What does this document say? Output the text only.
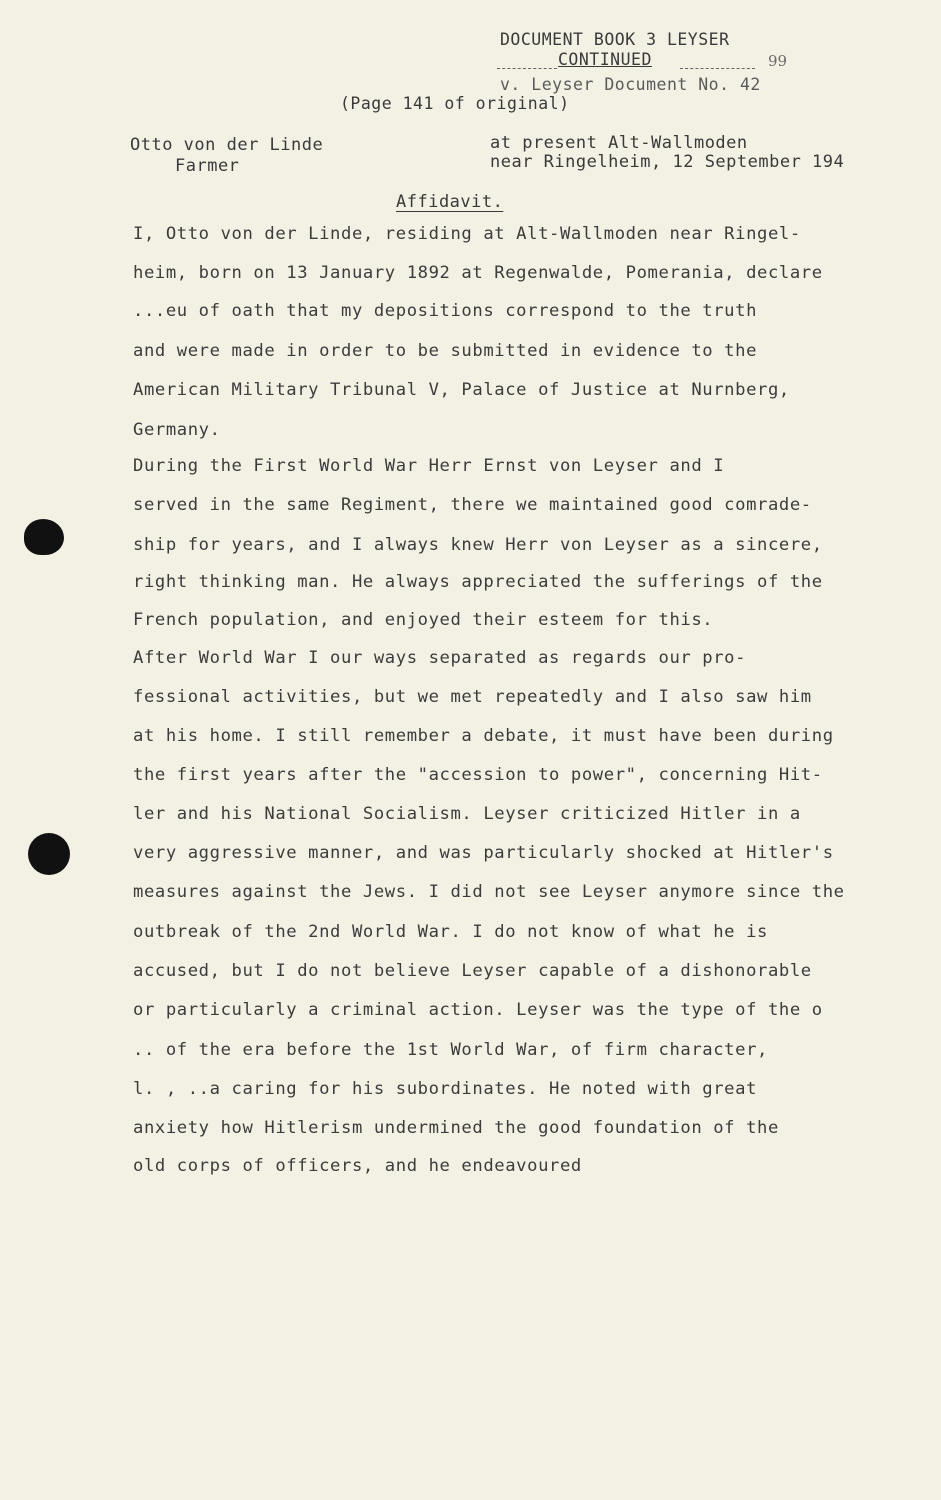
DOCUMENT BOOK 3 LEYSER
CONTINUED	99
v. Leyser Document No. 42
(Page 141 of original)
Otto von der Linde
Farmer
at present Alt-Wallmoden
near Ringelheim, 12 September 194
Affidavit.
I, Otto von der Linde, residing at Alt-Wallmoden near Ringel-
heim, born on 13 January 1892 at Regenwalde, Pomerania, declare
...eu of oath that my depositions correspond to the truth
and were made in order to be submitted in evidence to the
American Military Tribunal V, Palace of Justice at Nurnberg,
Germany.
During the First World War Herr Ernst von Leyser and I
served in the same Regiment, there we maintained good comrade-
ship for years, and I always knew Herr von Leyser as a sincere,
right thinking man. He always appreciated the sufferings of the
French population, and enjoyed their esteem for this.
After World War I our ways separated as regards our pro-
fessional activities, but we met repeatedly and I also saw him
at his home. I still remember a debate, it must have been during
the first years after the "accession to power", concerning Hit-
ler and his National Socialism. Leyser criticized Hitler in a
very aggressive manner, and was particularly shocked at Hitler's
measures against the Jews. I did not see Leyser anymore since the
outbreak of the 2nd World War. I do not know of what he is
accused, but I do not believe Leyser capable of a dishonorable
or particularly a criminal action. Leyser was the type of the o
.. of the era before the 1st World War, of firm character,
l. , ..a caring for his subordinates. He noted with great
anxiety how Hitlerism undermined the good foundation of the
old corps of officers, and he endeavoured
